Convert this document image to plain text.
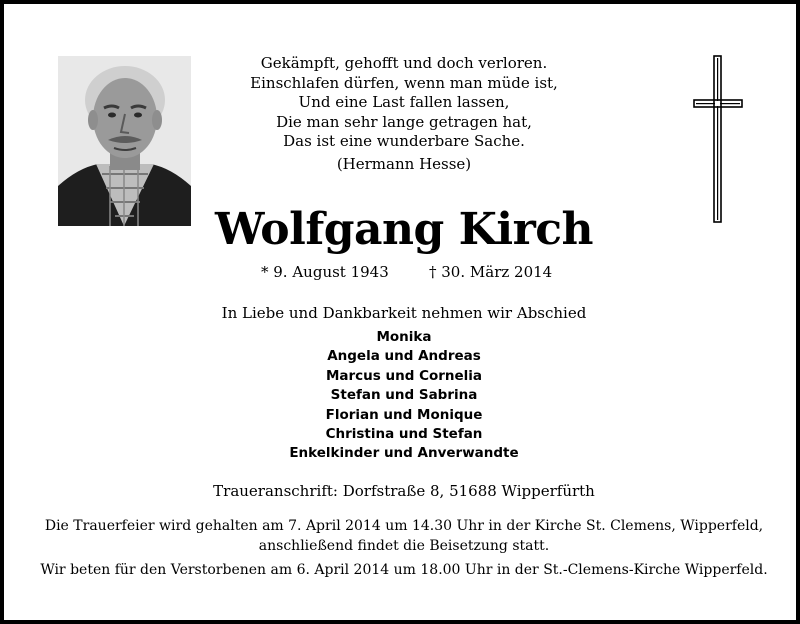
Gekämpft, gehofft und doch verloren.
Einschlafen dürfen, wenn man müde ist,
Und eine Last fallen lassen,
Die man sehr lange getragen hat,
Das ist eine wunderbare Sache.
(Hermann Hesse)
Wolfgang Kirch
* 9. August 1943	† 30. März 2014
In Liebe und Dankbarkeit nehmen wir Abschied
Monika
Angela und Andreas
Marcus und Cornelia
Stefan und Sabrina
Florian und Monique
Christina und Stefan
Enkelkinder und Anverwandte
Traueranschrift: Dorfstraße 8, 51688 Wipperfürth
Die Trauerfeier wird gehalten am 7. April 2014 um 14.30 Uhr in der Kirche St. Clemens, Wipperfeld,
anschließend findet die Beisetzung statt.
Wir beten für den Verstorbenen am 6. April 2014 um 18.00 Uhr in der St.-Clemens-Kirche Wipperfeld.
